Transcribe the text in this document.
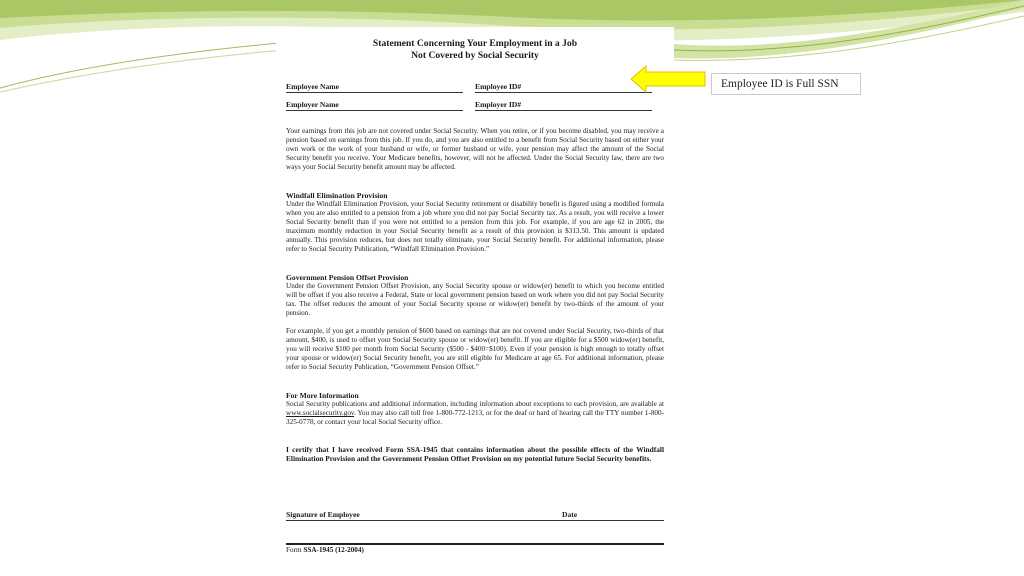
Statement Concerning Your Employment in a Job
Not Covered by Social Security
Employee Name	Employee ID#
Employer Name	Employer ID#

Your earnings from this job are not covered under Social Security. When you retire, or if you become disabled, you may receive a pension based on earnings from this job. If you do, and you are also entitled to a benefit from Social Security based on either your own work or the work of your husband or wife, or former husband or wife, your pension may affect the amount of the Social Security benefit you receive. Your Medicare benefits, however, will not be affected. Under the Social Security law, there are two ways your Social Security benefit amount may be affected.

Windfall Elimination Provision

Under the Windfall Elimination Provision, your Social Security retirement or disability benefit is figured using a modified formula when you are also entitled to a pension from a job where you did not pay Social Security tax. As a result, you will receive a lower Social Security benefit than if you were not entitled to a pension from this job. For example, if you are age 62 in 2005, the maximum monthly reduction in your Social Security benefit as a result of this provision is $313.50. This amount is updated annually. This provision reduces, but does not totally eliminate, your Social Security benefit. For additional information, please refer to Social Security Publication, “Windfall Elimination Provision.”

Government Pension Offset Provision

Under the Government Pension Offset Provision, any Social Security spouse or widow(er) benefit to which you become entitled will be offset if you also receive a Federal, State or local government pension based on work where you did not pay Social Security tax. The offset reduces the amount of your Social Security spouse or widow(er) benefit by two-thirds of the amount of your pension.

For example, if you get a monthly pension of $600 based on earnings that are not covered under Social Security, two-thirds of that amount, $400, is used to offset your Social Security spouse or widow(er) benefit. If you are eligible for a $500 widow(er) benefit, you will receive $100 per month from Social Security ($500 - $400=$100). Even if your pension is high enough to totally offset your spouse or widow(er) Social Security benefit, you are still eligible for Medicare at age 65. For additional information, please refer to Social Security Publication, “Government Pension Offset.”

For More Information

Social Security publications and additional information, including information about exceptions to each provision, are available at www.socialsecurity.gov. You may also call toll free 1-800-772-1213, or for the deaf or hard of hearing call the TTY number 1-800-325-0778, or contact your local Social Security office.

I certify that I have received Form SSA-1945 that contains information about the possible effects of the Windfall Elimination Provision and the Government Pension Offset Provision on my potential future Social Security benefits.

Signature of Employee	Date
Form SSA-1945 (12-2004)
Employee ID is Full SSN
